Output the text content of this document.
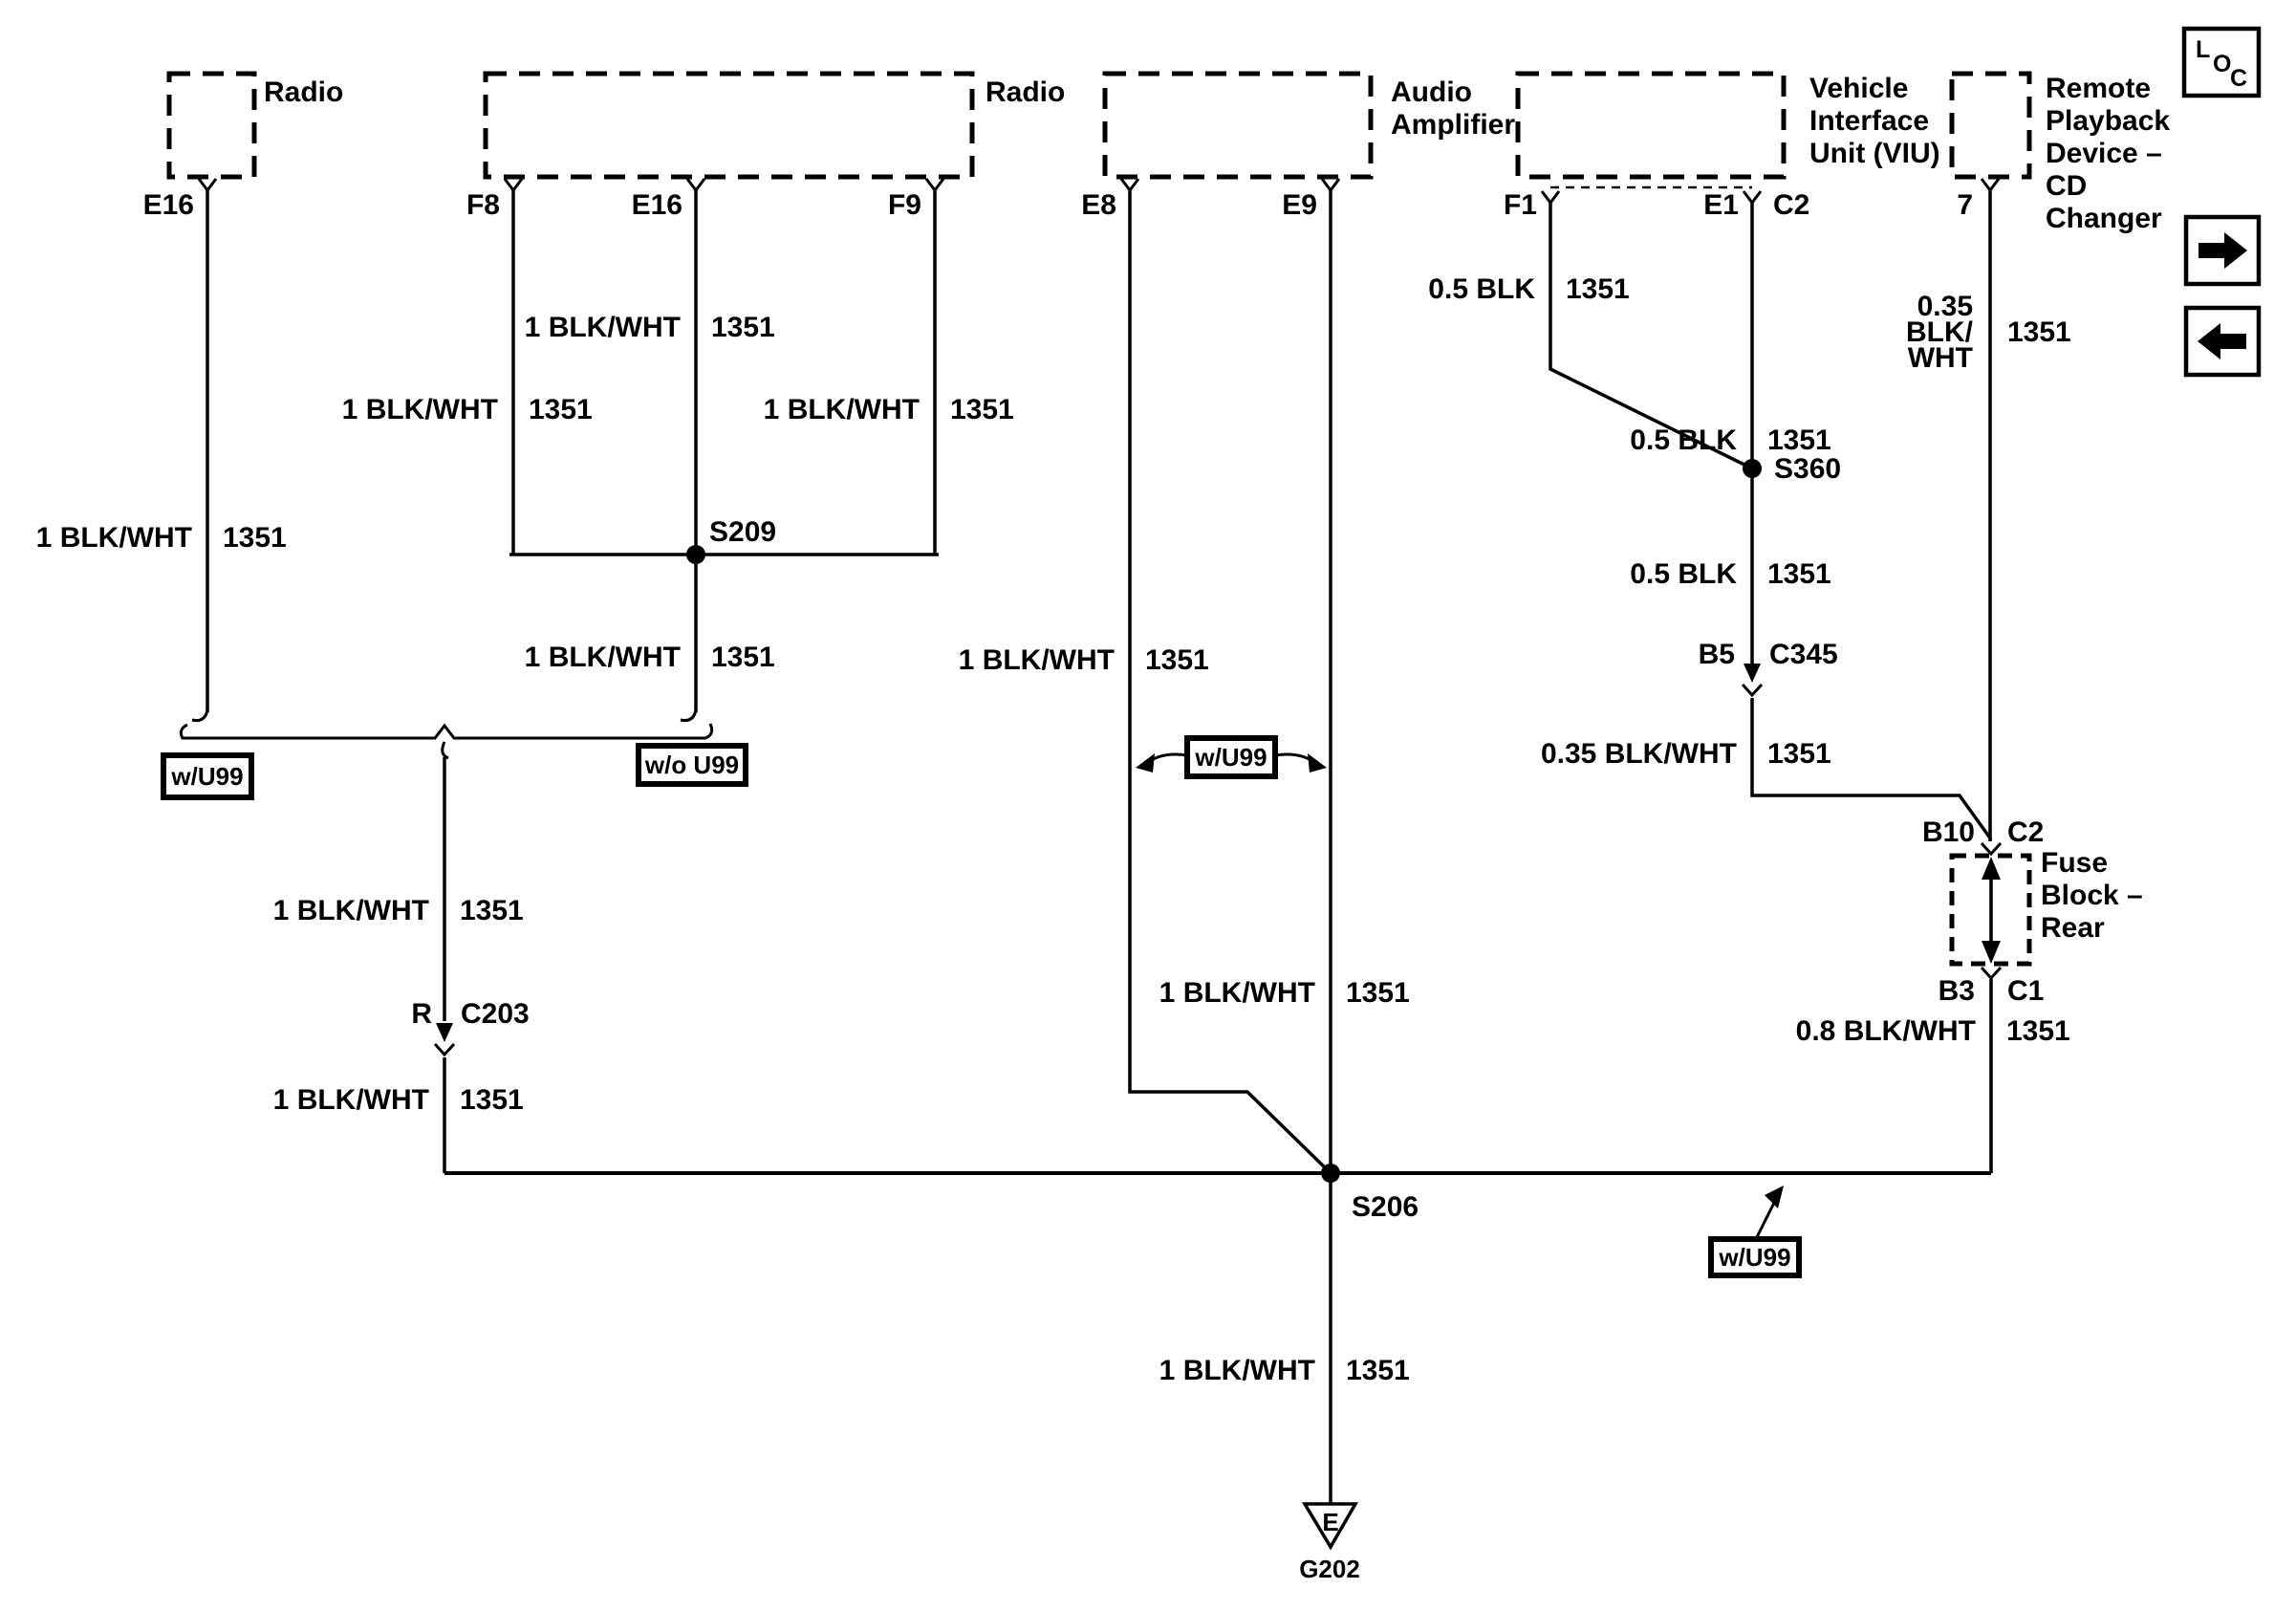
Radio	Radio	Audio
Amplifier
Vehicle
Interface
Unit (VIU)
Remote
Playback
Device –
CD
Changer
E16	F8	E16	F9	E8	E9	F1	E1 C2	7
S209
S360
S206
Fuse
Block –
Rear
R C203
B5 C345
B10 C2
B3 C1
1 BLK/WHT 1351
1 BLK/WHT 1351
1 BLK/WHT 1351	1 BLK/WHT 1351
1 BLK/WHT 1351
1 BLK/WHT 1351
1 BLK/WHT 1351
1 BLK/WHT 1351
1 BLK/WHT 1351
1 BLK/WHT 1351
0.5 BLK 1351
0.5 BLK 1351
0.5 BLK 1351
0.35 BLK/WHT 1351
0.35
BLK/
WHT
1351
0.8 BLK/WHT 1351
w/U99	w/o U99	w/U99
w/U99
E
G202
L
O
C
